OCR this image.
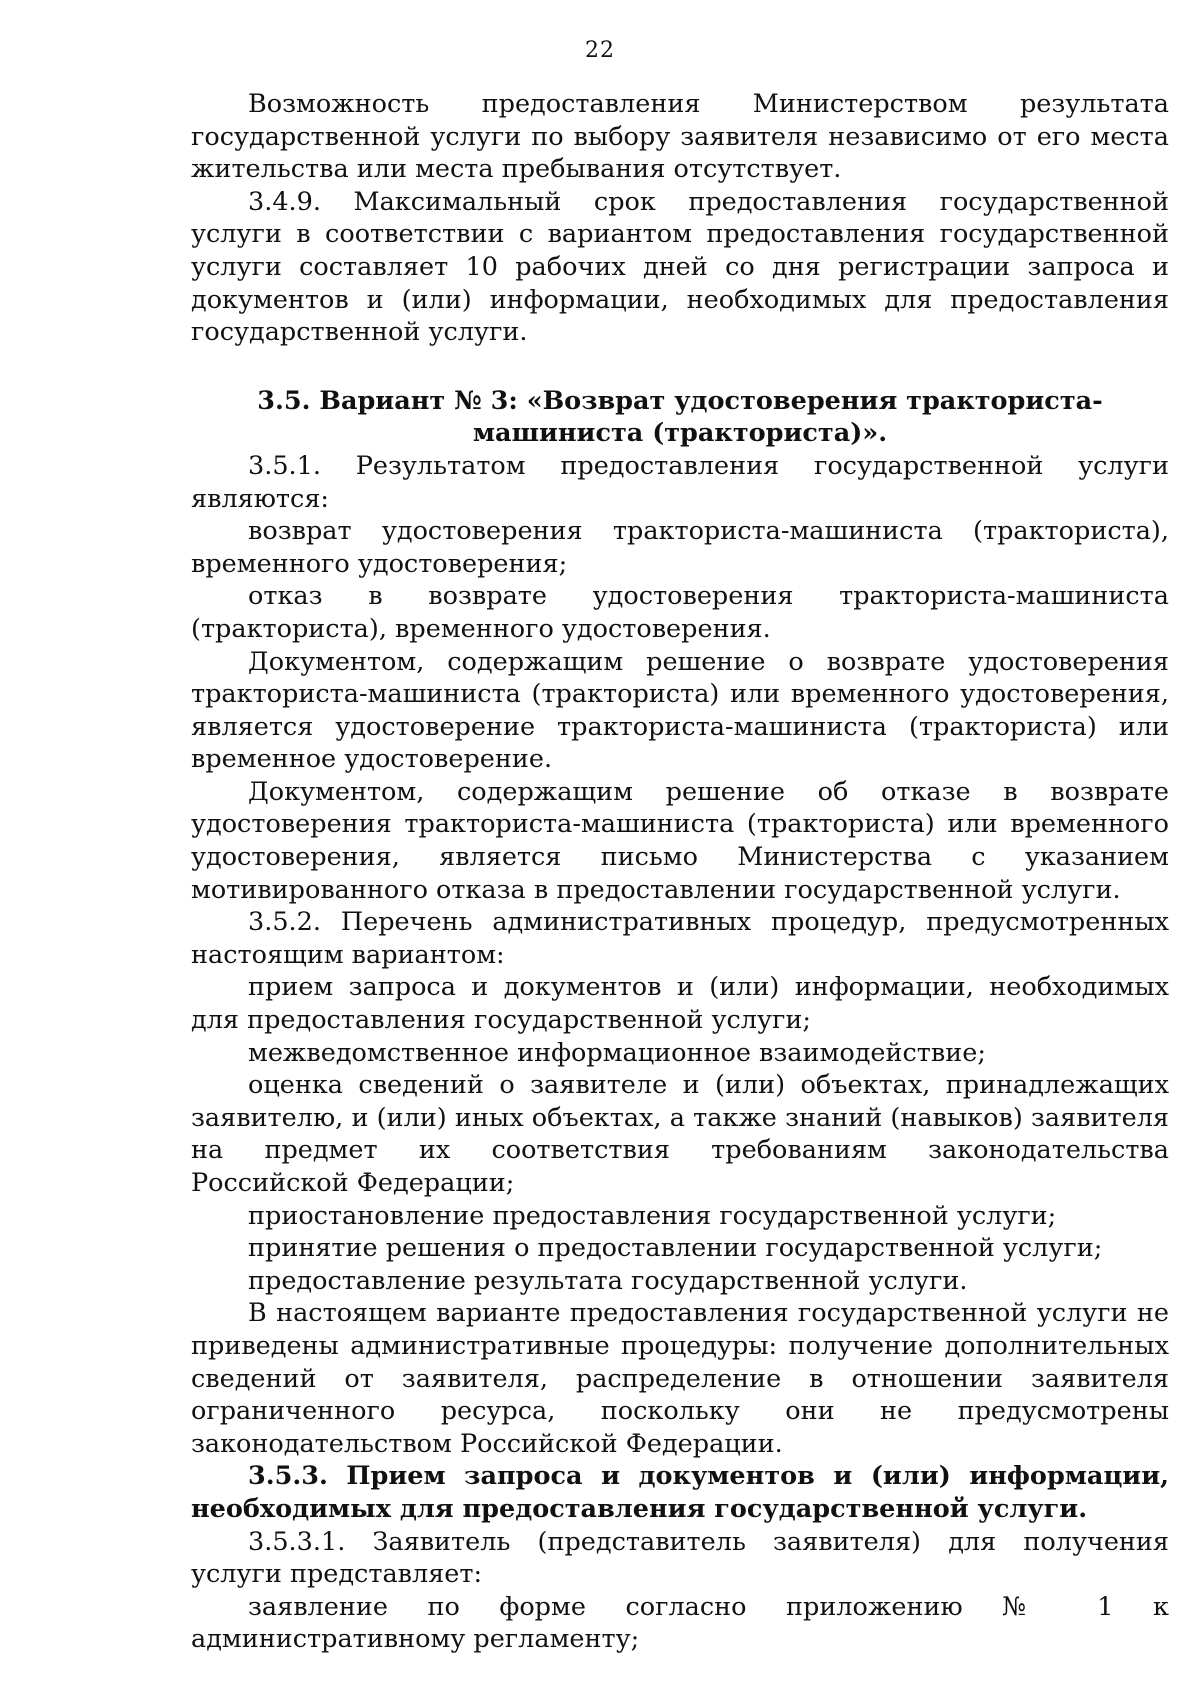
22

Возможность предоставления Министерством результата государственной услуги по выбору заявителя независимо от его места жительства или места пребывания отсутствует.

3.4.9. Максимальный срок предоставления государственной услуги в соответствии с вариантом предоставления государственной услуги составляет 10 рабочих дней со дня регистрации запроса и документов и (или) информации, необходимых для предоставления государственной услуги.

3.5. Вариант № 3: «Возврат удостоверения тракториста-машиниста (тракториста)».

3.5.1. Результатом предоставления государственной услуги являются:

возврат удостоверения тракториста-машиниста (тракториста), временного удостоверения;

отказ в возврате удостоверения тракториста-машиниста (тракториста), временного удостоверения.

Документом, содержащим решение о возврате удостоверения тракториста-машиниста (тракториста) или временного удостоверения, является удостоверение тракториста-машиниста (тракториста) или временное удостоверение.

Документом, содержащим решение об отказе в возврате удостоверения тракториста-машиниста (тракториста) или временного удостоверения, является письмо Министерства с указанием мотивированного отказа в предоставлении государственной услуги.

3.5.2. Перечень административных процедур, предусмотренных настоящим вариантом:

прием запроса и документов и (или) информации, необходимых для предоставления государственной услуги;

межведомственное информационное взаимодействие;

оценка сведений о заявителе и (или) объектах, принадлежащих заявителю, и (или) иных объектах, а также знаний (навыков) заявителя на предмет их соответствия требованиям законодательства Российской Федерации;

приостановление предоставления государственной услуги;

принятие решения о предоставлении государственной услуги;

предоставление результата государственной услуги.

В настоящем варианте предоставления государственной услуги не приведены административные процедуры: получение дополнительных сведений от заявителя, распределение в отношении заявителя ограниченного ресурса, поскольку они не предусмотрены законодательством Российской Федерации.

3.5.3. Прием запроса и документов и (или) информации, необходимых для предоставления государственной услуги.

3.5.3.1. Заявитель (представитель заявителя) для получения услуги представляет:

заявление по форме согласно приложению № 1 к административному регламенту;
